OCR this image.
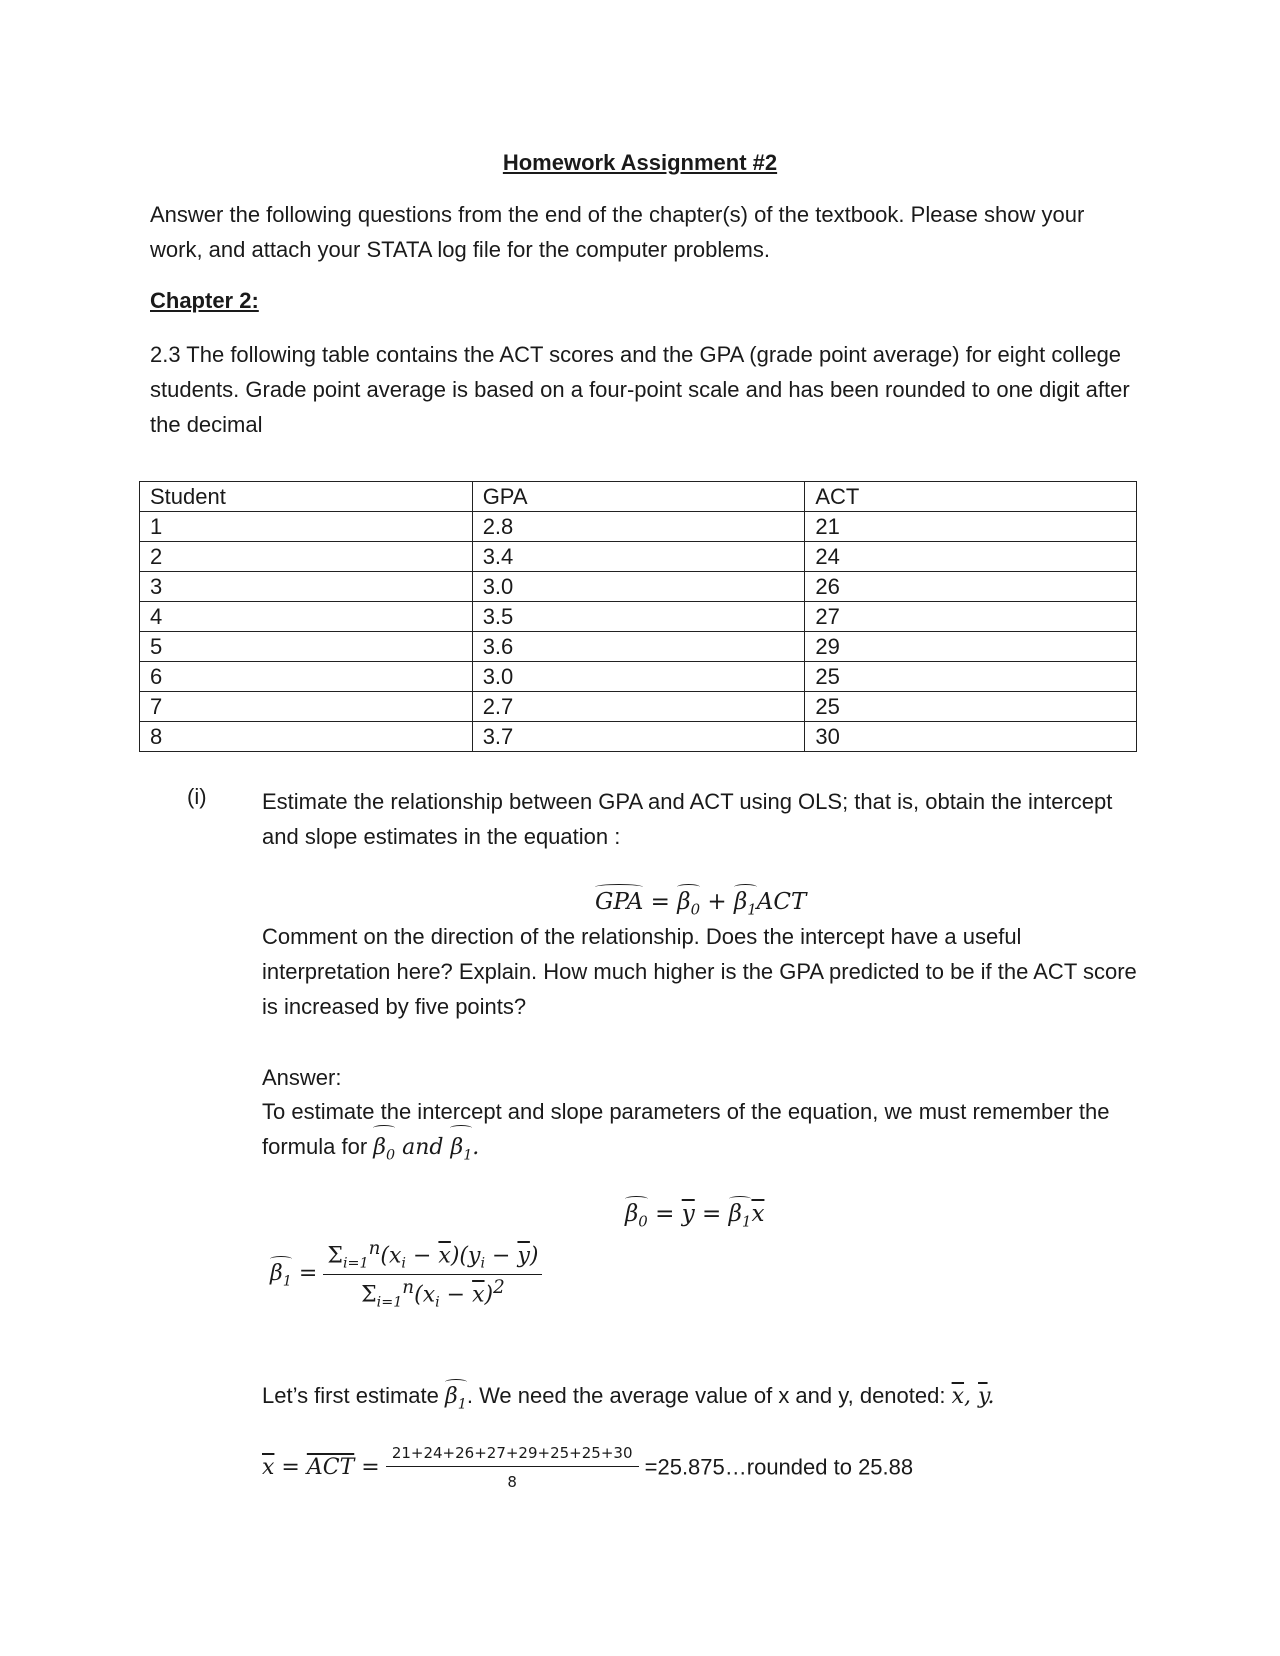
Homework Assignment #2
Answer the following questions from the end of the chapter(s) of the textbook. Please show your work, and attach your STATA log file for the computer problems.
Chapter 2:
2.3 The following table contains the ACT scores and the GPA (grade point average) for eight college students. Grade point average is based on a four-point scale and has been rounded to one digit after the decimal
Student	GPA	ACT
1	2.8	21
2	3.4	24
3	3.0	26
4	3.5	27
5	3.6	29
6	3.0	25
7	2.7	25
8	3.7	30
(i)	Estimate the relationship between GPA and ACT using OLS; that is, obtain the intercept and slope estimates in the equation :
GPA = $\beta_0 + \beta_1ACT$
Comment on the direction of the relationship. Does the intercept have a useful interpretation here? Explain. How much higher is the GPA predicted to be if the ACT score is increased by five points?
Answer:
To estimate the intercept and slope parameters of the equation, we must remember the formula for $\beta_0$ and $\beta_1$.
$\beta_0 = \overline{y} = \beta_1\overline{x}$
$\beta_1 = \frac{\Sigma_{i=1}^n(x_i - \overline{x})(y_i - \overline{y})}{\Sigma_{i=1}^n(x_i - \overline{x})^2}$
Let’s first estimate $\beta_1$. We need the average value of x and y, denoted: $\overline{x}$, $\overline{y}$.
$\overline{x} = \overline{ACT} = \frac{21+24+26+27+29+25+25+30}{8}$ =25.875…rounded to 25.88
